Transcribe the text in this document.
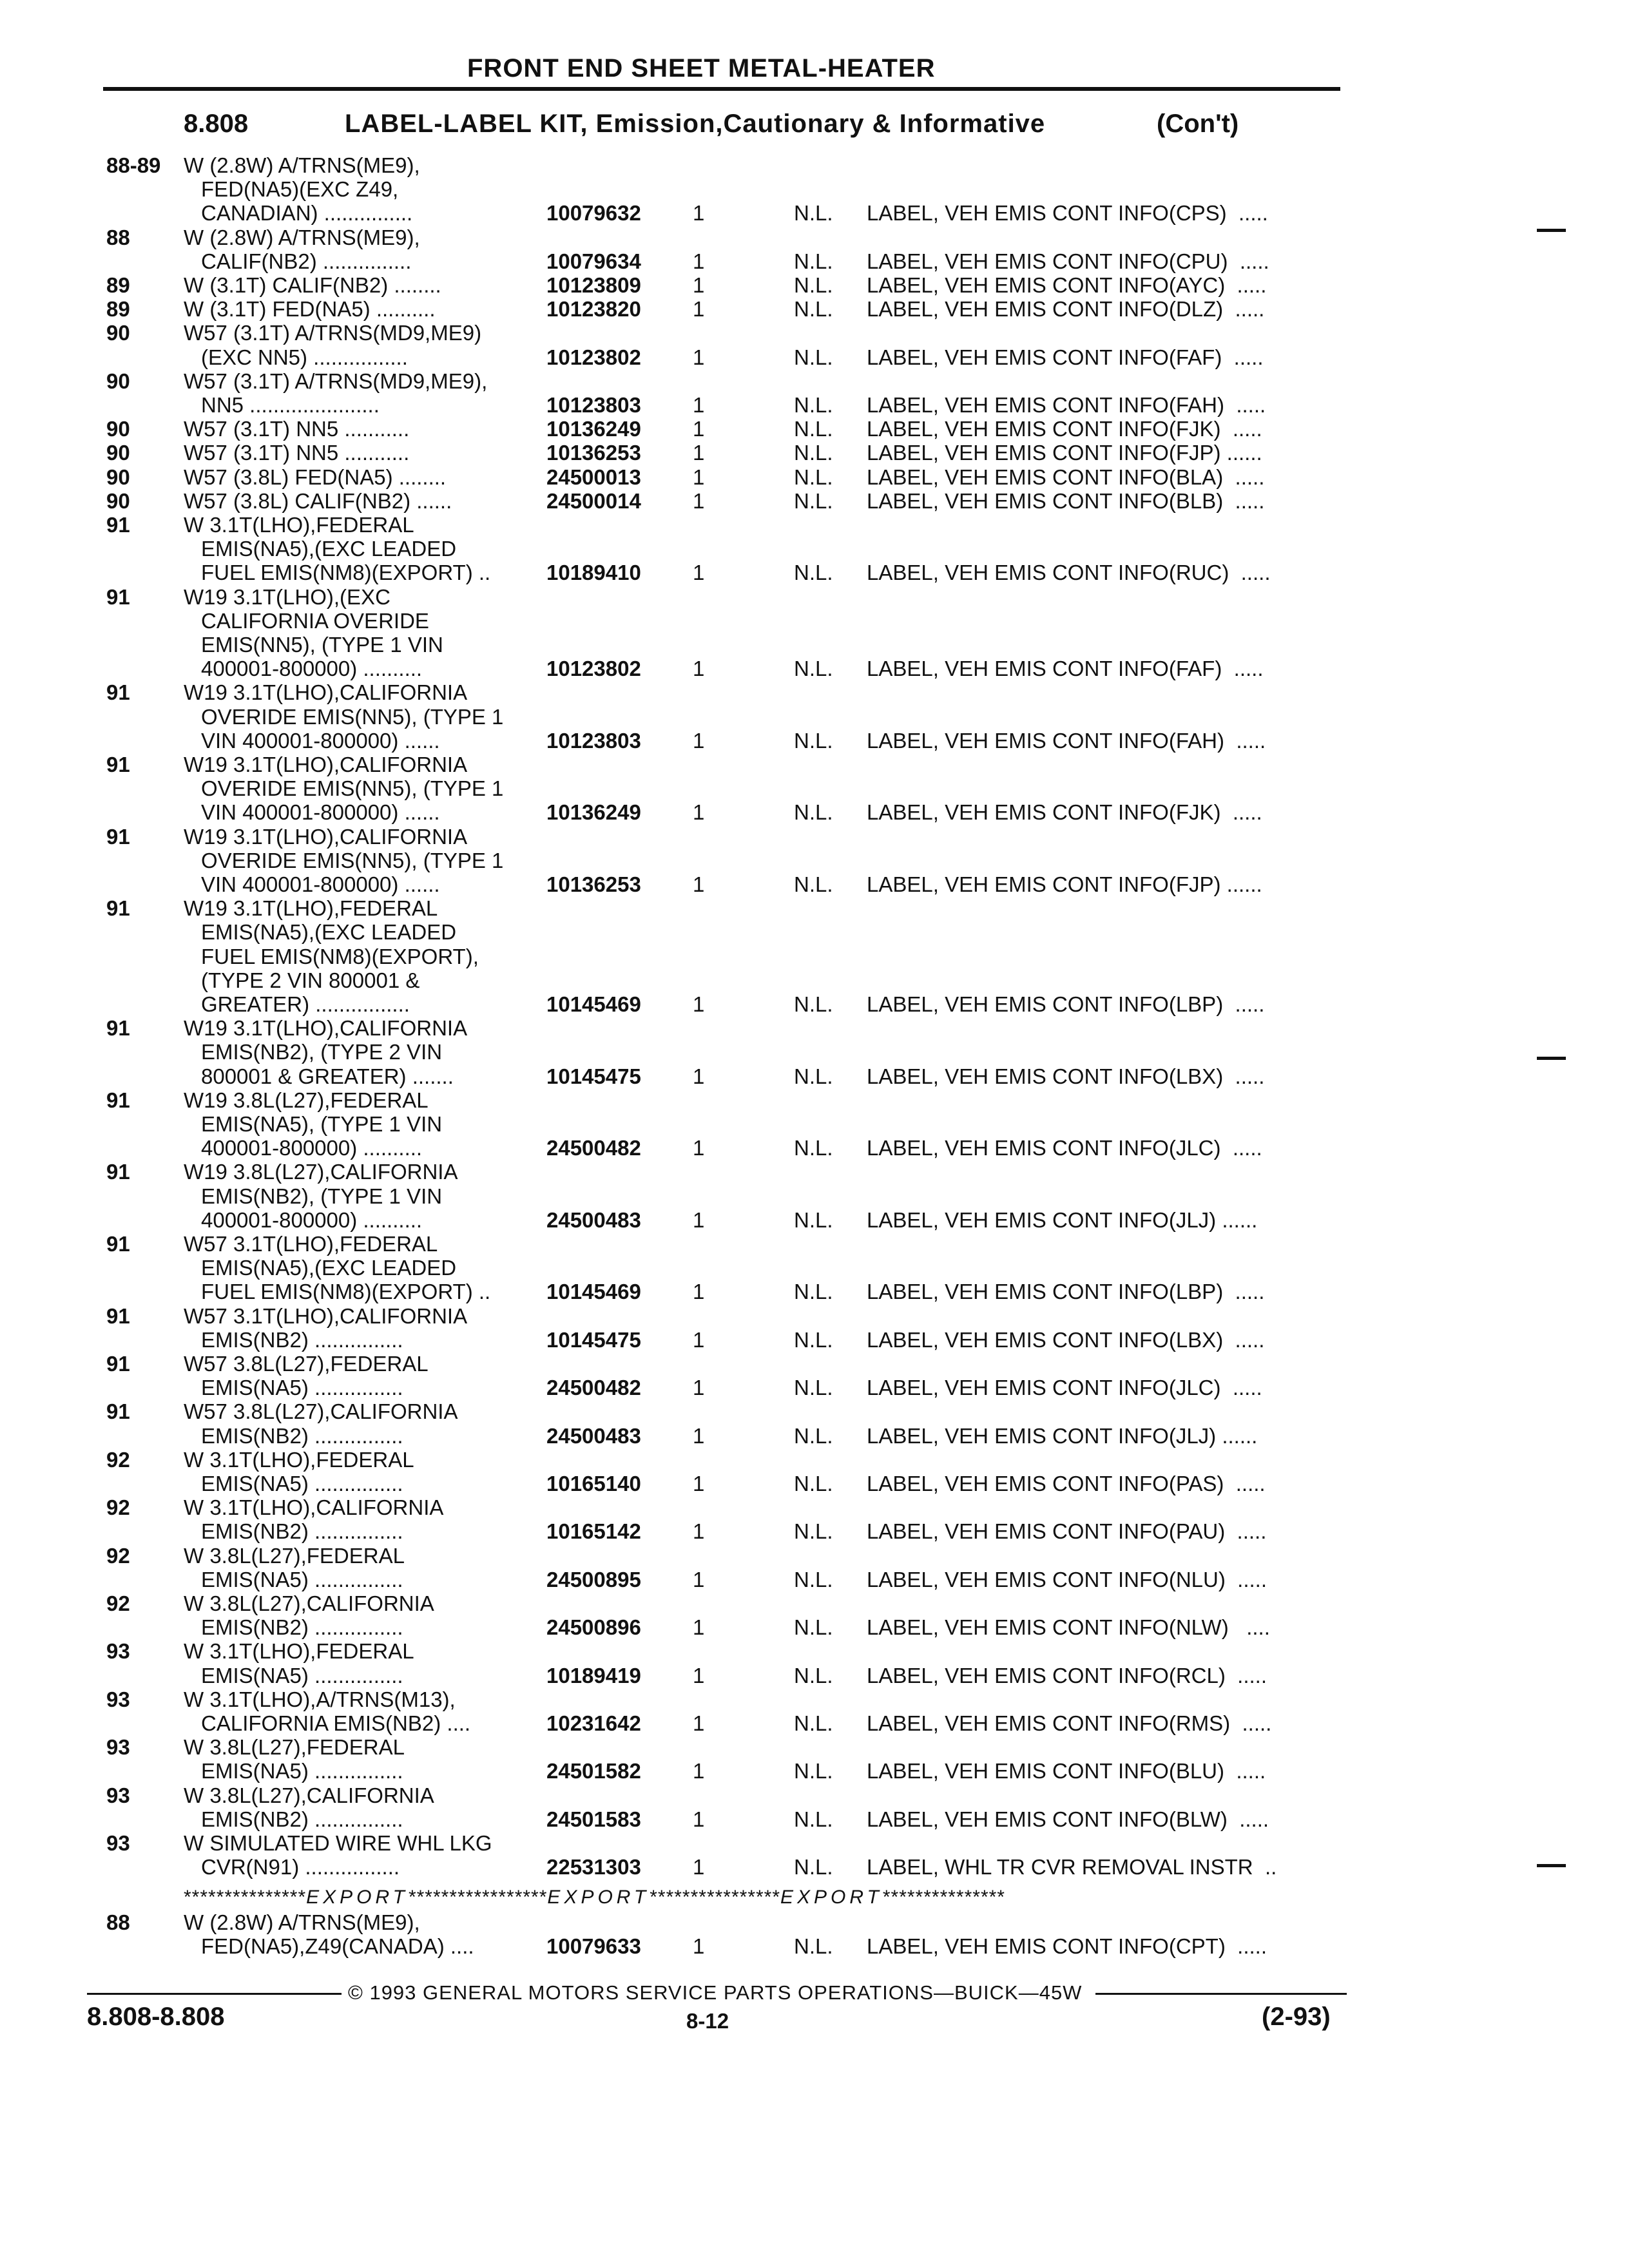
FRONT END SHEET METAL-HEATER
8.808	LABEL-LABEL KIT, Emission,Cautionary & Informative	(Con't)
88-89 W (2.8W) A/TRNS(ME9),
FED(NA5)(EXC Z49,
CANADIAN) ...............	10079632 1	N.L. LABEL, VEH EMIS CONT INFO(CPS)  .....
88	W (2.8W) A/TRNS(ME9),
CALIF(NB2) ...............	10079634 1	N.L. LABEL, VEH EMIS CONT INFO(CPU)  .....
89	W (3.1T) CALIF(NB2) ........	10123809 1	N.L. LABEL, VEH EMIS CONT INFO(AYC)  .....
89	W (3.1T) FED(NA5) ..........	10123820 1	N.L. LABEL, VEH EMIS CONT INFO(DLZ)  .....
90	W57 (3.1T) A/TRNS(MD9,ME9)
(EXC NN5) ................	10123802 1	N.L. LABEL, VEH EMIS CONT INFO(FAF)  .....
90	W57 (3.1T) A/TRNS(MD9,ME9),
NN5 ......................	10123803 1	N.L. LABEL, VEH EMIS CONT INFO(FAH)  .....
90	W57 (3.1T) NN5 ...........	10136249 1	N.L. LABEL, VEH EMIS CONT INFO(FJK)  .....
90	W57 (3.1T) NN5 ...........	10136253 1	N.L. LABEL, VEH EMIS CONT INFO(FJP) ......
90	W57 (3.8L) FED(NA5) ........	24500013 1	N.L. LABEL, VEH EMIS CONT INFO(BLA)  .....
90	W57 (3.8L) CALIF(NB2) ......	24500014 1	N.L. LABEL, VEH EMIS CONT INFO(BLB)  .....
91	W 3.1T(LHO),FEDERAL
EMIS(NA5),(EXC LEADED
FUEL EMIS(NM8)(EXPORT) ..	10189410 1	N.L. LABEL, VEH EMIS CONT INFO(RUC)  .....
91	W19 3.1T(LHO),(EXC
CALIFORNIA OVERIDE
EMIS(NN5), (TYPE 1 VIN
400001-800000) ..........	10123802 1	N.L. LABEL, VEH EMIS CONT INFO(FAF)  .....
91	W19 3.1T(LHO),CALIFORNIA
OVERIDE EMIS(NN5), (TYPE 1
VIN 400001-800000) ......	10123803 1	N.L. LABEL, VEH EMIS CONT INFO(FAH)  .....
91	W19 3.1T(LHO),CALIFORNIA
OVERIDE EMIS(NN5), (TYPE 1
VIN 400001-800000) ......	10136249 1	N.L. LABEL, VEH EMIS CONT INFO(FJK)  .....
91	W19 3.1T(LHO),CALIFORNIA
OVERIDE EMIS(NN5), (TYPE 1
VIN 400001-800000) ......	10136253 1	N.L. LABEL, VEH EMIS CONT INFO(FJP) ......
91	W19 3.1T(LHO),FEDERAL
EMIS(NA5),(EXC LEADED
FUEL EMIS(NM8)(EXPORT),
(TYPE 2 VIN 800001 &
GREATER) ................	10145469 1	N.L. LABEL, VEH EMIS CONT INFO(LBP)  .....
91	W19 3.1T(LHO),CALIFORNIA
EMIS(NB2), (TYPE 2 VIN
800001 & GREATER) .......	10145475 1	N.L. LABEL, VEH EMIS CONT INFO(LBX)  .....
91	W19 3.8L(L27),FEDERAL
EMIS(NA5), (TYPE 1 VIN
400001-800000) ..........	24500482 1	N.L. LABEL, VEH EMIS CONT INFO(JLC)  .....
91	W19 3.8L(L27),CALIFORNIA
EMIS(NB2), (TYPE 1 VIN
400001-800000) ..........	24500483 1	N.L. LABEL, VEH EMIS CONT INFO(JLJ) ......
91	W57 3.1T(LHO),FEDERAL
EMIS(NA5),(EXC LEADED
FUEL EMIS(NM8)(EXPORT) ..	10145469 1	N.L. LABEL, VEH EMIS CONT INFO(LBP)  .....
91	W57 3.1T(LHO),CALIFORNIA
EMIS(NB2) ...............	10145475 1	N.L. LABEL, VEH EMIS CONT INFO(LBX)  .....
91	W57 3.8L(L27),FEDERAL
EMIS(NA5) ...............	24500482 1	N.L. LABEL, VEH EMIS CONT INFO(JLC)  .....
91	W57 3.8L(L27),CALIFORNIA
EMIS(NB2) ...............	24500483 1	N.L. LABEL, VEH EMIS CONT INFO(JLJ) ......
92	W 3.1T(LHO),FEDERAL
EMIS(NA5) ...............	10165140 1	N.L. LABEL, VEH EMIS CONT INFO(PAS)  .....
92	W 3.1T(LHO),CALIFORNIA
EMIS(NB2) ...............	10165142 1	N.L. LABEL, VEH EMIS CONT INFO(PAU)  .....
92	W 3.8L(L27),FEDERAL
EMIS(NA5) ...............	24500895 1	N.L. LABEL, VEH EMIS CONT INFO(NLU)  .....
92	W 3.8L(L27),CALIFORNIA
EMIS(NB2) ...............	24500896 1	N.L. LABEL, VEH EMIS CONT INFO(NLW)   ....
93	W 3.1T(LHO),FEDERAL
EMIS(NA5) ...............	10189419 1	N.L. LABEL, VEH EMIS CONT INFO(RCL)  .....
93	W 3.1T(LHO),A/TRNS(M13),
CALIFORNIA EMIS(NB2) ....	10231642 1	N.L. LABEL, VEH EMIS CONT INFO(RMS)  .....
93	W 3.8L(L27),FEDERAL
EMIS(NA5) ...............	24501582 1	N.L. LABEL, VEH EMIS CONT INFO(BLU)  .....
93	W 3.8L(L27),CALIFORNIA
EMIS(NB2) ...............	24501583 1	N.L. LABEL, VEH EMIS CONT INFO(BLW)  .....
93	W SIMULATED WIRE WHL LKG
CVR(N91) ................	22531303 1	N.L. LABEL, WHL TR CVR REMOVAL INSTR  ..
88	W (2.8W) A/TRNS(ME9),
FED(NA5),Z49(CANADA) ....	10079633 1	N.L. LABEL, VEH EMIS CONT INFO(CPT)  .....
***************EXPORT*****************EXPORT****************EXPORT***************
© 1993 GENERAL MOTORS SERVICE PARTS OPERATIONS—BUICK—45W
8.808-8.808	8-12	(2-93)
